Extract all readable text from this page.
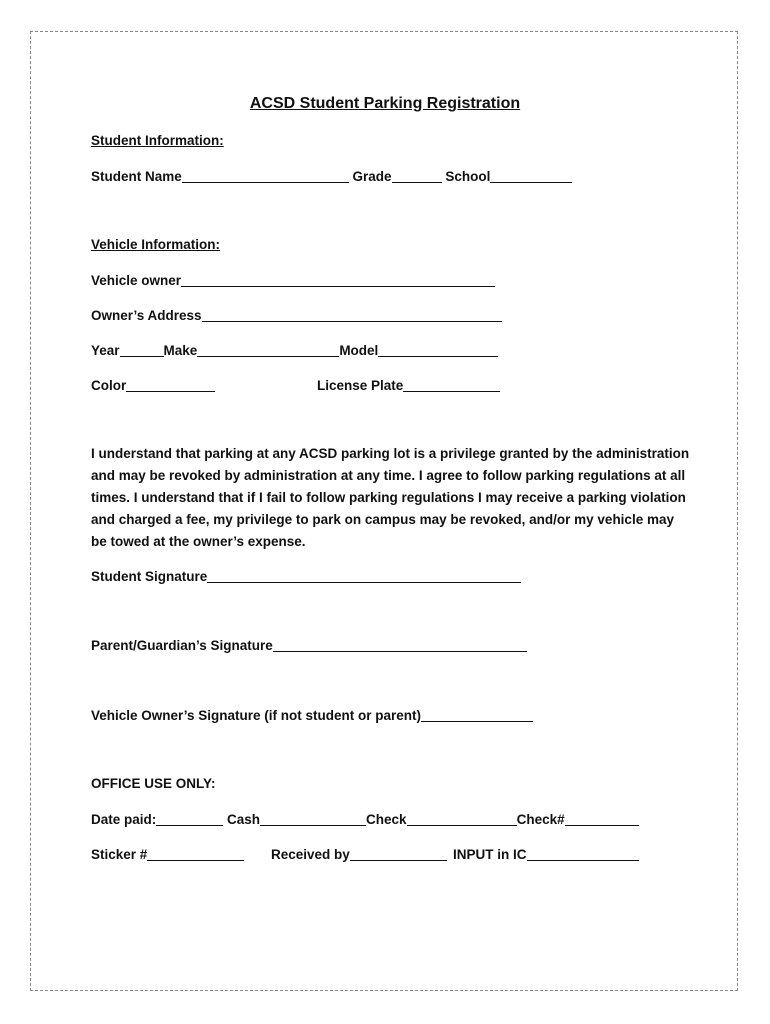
ACSD Student Parking Registration
Student Information:
Student Name	Grade	School
Vehicle Information:
Vehicle owner
Owner’s Address
Year	Make	Model
Color	License Plate
I understand that parking at any ACSD parking lot is a privilege granted by the administration and may be revoked by administration at any time. I agree to follow parking regulations at all times. I understand that if I fail to follow parking regulations I may receive a parking violation and charged a fee, my privilege to park on campus may be revoked, and/or my vehicle may be towed at the owner’s expense.
Student Signature
Parent/Guardian’s Signature
Vehicle Owner’s Signature (if not student or parent)
OFFICE USE ONLY:
Date paid:	Cash	Check	Check#
Sticker #	Received by	INPUT in IC
